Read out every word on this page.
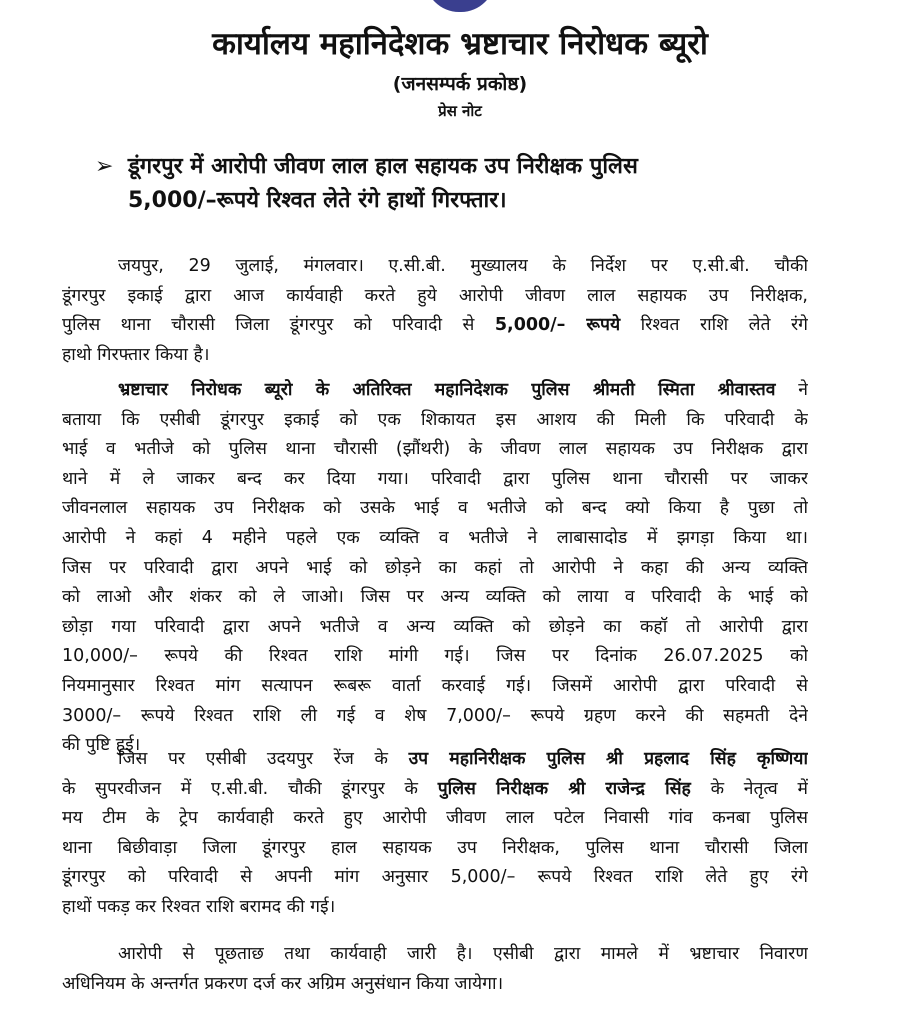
कार्यालय महानिदेशक भ्रष्टाचार निरोधक ब्यूरो
(जनसम्पर्क प्रकोष्ठ)
प्रेस नोट
➢ डूंगरपुर में आरोपी जीवण लाल हाल सहायक उप निरीक्षक पुलिस
5,000/–रूपये रिश्वत लेते रंगे हाथों गिरफ्तार।
जयपुर, 29 जुलाई, मंगलवार। ए.सी.बी. मुख्यालय के निर्देश पर ए.सी.बी. चौकी
डूंगरपुर इकाई द्वारा आज कार्यवाही करते हुये आरोपी जीवण लाल सहायक उप निरीक्षक,
पुलिस थाना चौरासी जिला डूंगरपुर को परिवादी से 5,000/– रूपये रिश्वत राशि लेते रंगे
हाथो गिरफ्तार किया है।
भ्रष्टाचार निरोधक ब्यूरो के अतिरिक्त महानिदेशक पुलिस श्रीमती स्मिता श्रीवास्तव ने
बताया कि एसीबी डूंगरपुर इकाई को एक शिकायत इस आशय की मिली कि परिवादी के
भाई व भतीजे को पुलिस थाना चौरासी (झौंथरी) के जीवण लाल सहायक उप निरीक्षक द्वारा
थाने में ले जाकर बन्द कर दिया गया। परिवादी द्वारा पुलिस थाना चौरासी पर जाकर
जीवनलाल सहायक उप निरीक्षक को उसके भाई व भतीजे को बन्द क्यो किया है पुछा तो
आरोपी ने कहां 4 महीने पहले एक व्यक्ति व भतीजे ने लाबासादोड में झगड़ा किया था।
जिस पर परिवादी द्वारा अपने भाई को छोड़ने का कहां तो आरोपी ने कहा की अन्य व्यक्ति
को लाओ और शंकर को ले जाओ। जिस पर अन्य व्यक्ति को लाया व परिवादी के भाई को
छोड़ा गया परिवादी द्वारा अपने भतीजे व अन्य व्यक्ति को छोड़ने का कहॉ तो आरोपी द्वारा
10,000/– रूपये की रिश्वत राशि मांगी गई। जिस पर दिनांक 26.07.2025 को
नियमानुसार रिश्वत मांग सत्यापन रूबरू वार्ता करवाई गई। जिसमें आरोपी द्वारा परिवादी से
3000/– रूपये रिश्वत राशि ली गई व शेष 7,000/– रूपये ग्रहण करने की सहमती देने
की पुष्टि हुई।
जिस पर एसीबी उदयपुर रेंज के उप महानिरीक्षक पुलिस श्री प्रहलाद सिंह कृष्णिया
के सुपरवीजन में ए.सी.बी. चौकी डूंगरपुर के पुलिस निरीक्षक श्री राजेन्द्र सिंह के नेतृत्व में
मय टीम के ट्रेप कार्यवाही करते हुए आरोपी जीवण लाल पटेल निवासी गांव कनबा पुलिस
थाना बिछीवाड़ा जिला डूंगरपुर हाल सहायक उप निरीक्षक, पुलिस थाना चौरासी जिला
डूंगरपुर को परिवादी से अपनी मांग अनुसार 5,000/– रूपये रिश्वत राशि लेते हुए रंगे
हाथों पकड़ कर रिश्वत राशि बरामद की गई।
आरोपी से पूछताछ तथा कार्यवाही जारी है। एसीबी द्वारा मामले में भ्रष्टाचार निवारण
अधिनियम के अन्तर्गत प्रकरण दर्ज कर अग्रिम अनुसंधान किया जायेगा।
